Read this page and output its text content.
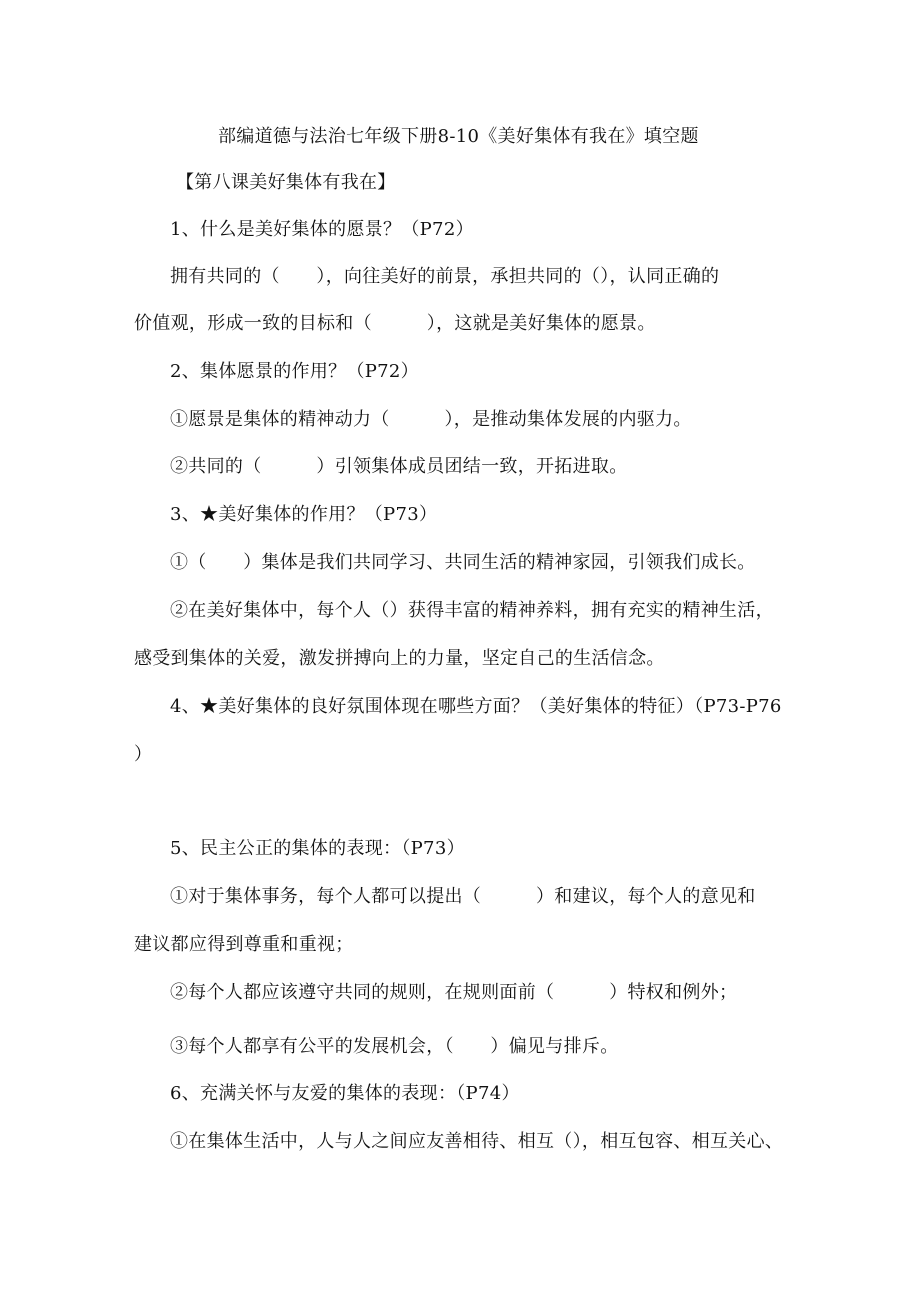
部编道德与法治七年级下册8-10《美好集体有我在》填空题
【第八课美好集体有我在】
1、什么是美好集体的愿景？（P72）
拥有共同的（　　），向往美好的前景，承担共同的（），认同正确的
价值观，形成一致的目标和（　　　），这就是美好集体的愿景。
2、集体愿景的作用？（P72）
①愿景是集体的精神动力（　　　），是推动集体发展的内驱力。
②共同的（　　　）引领集体成员团结一致，开拓进取。
3、★美好集体的作用？（P73）
①（　　）集体是我们共同学习、共同生活的精神家园，引领我们成长。
②在美好集体中，每个人（）获得丰富的精神养料，拥有充实的精神生活，
感受到集体的关爱，激发拼搏向上的力量，坚定自己的生活信念。
4、★美好集体的良好氛围体现在哪些方面？（美好集体的特征）（P73-P76
）
5、民主公正的集体的表现：（P73）
①对于集体事务，每个人都可以提出（　　　）和建议，每个人的意见和
建议都应得到尊重和重视；
②每个人都应该遵守共同的规则，在规则面前（　　　）特权和例外；
③每个人都享有公平的发展机会，（　　）偏见与排斥。
6、充满关怀与友爱的集体的表现：（P74）
①在集体生活中，人与人之间应友善相待、相互（），相互包容、相互关心、
